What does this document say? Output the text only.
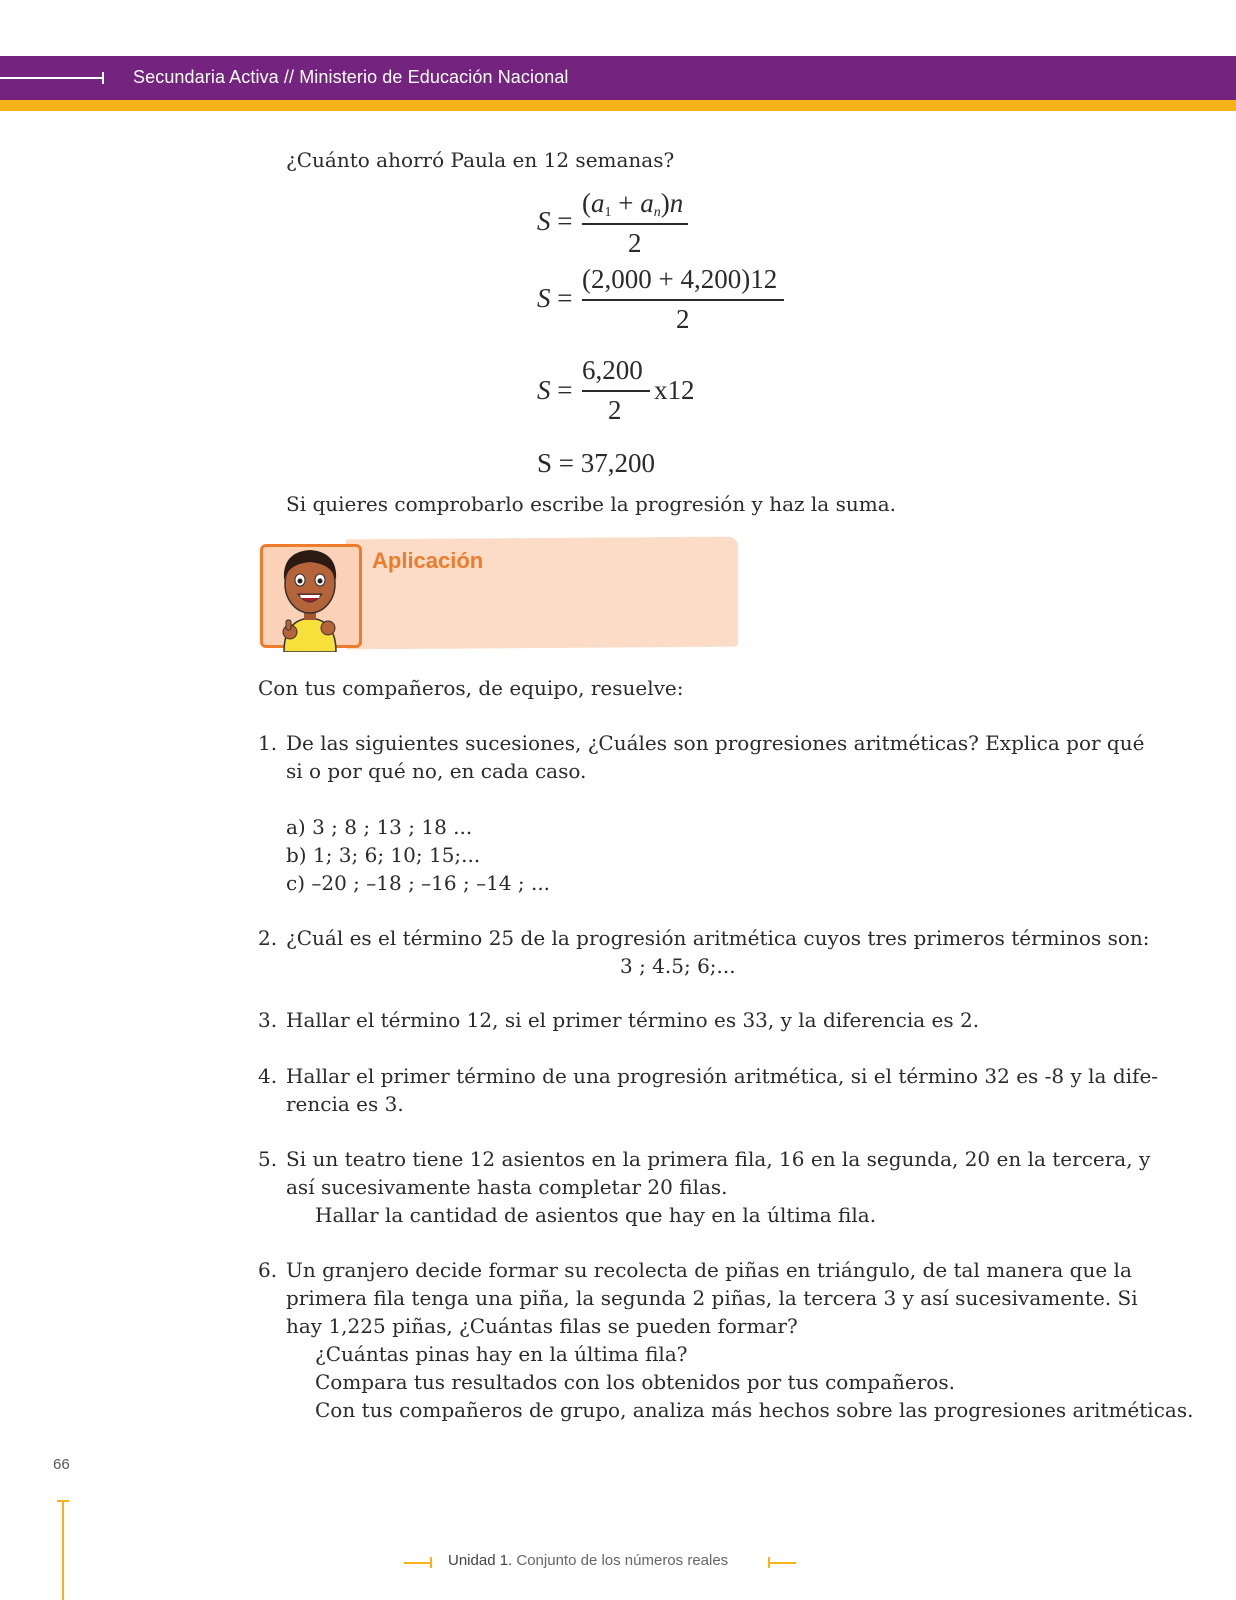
Secundaria Activa // Ministerio de Educación Nacional
¿Cuánto ahorró Paula en 12 semanas?
S =
$(a_1 + a_n)n$
2
S =
(2,000 + 4,200)12
2
S =
6,200
2
x12
S = 37,200
Si quieres comprobarlo escribe la progresión y haz la suma.
Aplicación
Con tus compañeros, de equipo, resuelve:
1. De las siguientes sucesiones, ¿Cuáles son progresiones aritméticas? Explica por qué
si o por qué no, en cada caso.
a) 3 ; 8 ; 13 ; 18 ...
b) 1; 3; 6; 10; 15;...
c) –20 ; –18 ; –16 ; –14 ; ...
2. ¿Cuál es el término 25 de la progresión aritmética cuyos tres primeros términos son:
3 ; 4.5; 6;...
3. Hallar el término 12, si el primer término es 33, y la diferencia es 2.
4. Hallar el primer término de una progresión aritmética, si el término 32 es -8 y la dife-
rencia es 3.
5. Si un teatro tiene 12 asientos en la primera fila, 16 en la segunda, 20 en la tercera, y
así sucesivamente hasta completar 20 filas.
Hallar la cantidad de asientos que hay en la última fila.
6. Un granjero decide formar su recolecta de piñas en triángulo, de tal manera que la
primera fila tenga una piña, la segunda 2 piñas, la tercera 3 y así sucesivamente. Si
hay 1,225 piñas, ¿Cuántas filas se pueden formar?
¿Cuántas pinas hay en la última fila?
Compara tus resultados con los obtenidos por tus compañeros.
Con tus compañeros de grupo, analiza más hechos sobre las progresiones aritméticas.
66
Unidad 1. Conjunto de los números reales
